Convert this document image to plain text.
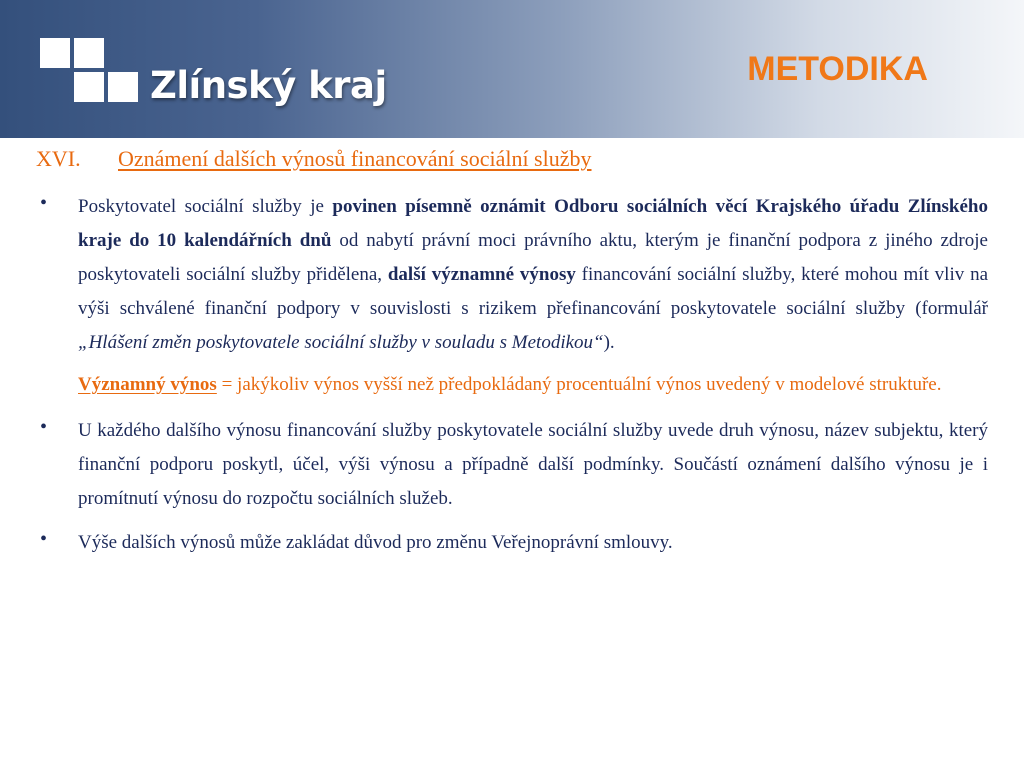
Zlínský kraj	METODIKA
XVI.	Oznámení dalších výnosů financování sociální služby
• Poskytovatel sociální služby je povinen písemně oznámit Odboru sociálních věcí Krajského úřadu Zlínského kraje do 10 kalendářních dnů od nabytí právní moci právního aktu, kterým je finanční podpora z jiného zdroje poskytovateli sociální služby přidělena, další významné výnosy financování sociální služby, které mohou mít vliv na výši schválené finanční podpory v souvislosti s rizikem přefinancování poskytovatele sociální služby (formulář „Hlášení změn poskytovatele sociální služby v souladu s Metodikou“).

Významný výnos = jakýkoliv výnos vyšší než předpokládaný procentuální výnos uvedený v modelové struktuře.

• U každého dalšího výnosu financování služby poskytovatele sociální služby uvede druh výnosu, název subjektu, který finanční podporu poskytl, účel, výši výnosu a případně další podmínky. Součástí oznámení dalšího výnosu je i promítnutí výnosu do rozpočtu sociálních služeb.

• Výše dalších výnosů může zakládat důvod pro změnu Veřejnoprávní smlouvy.
